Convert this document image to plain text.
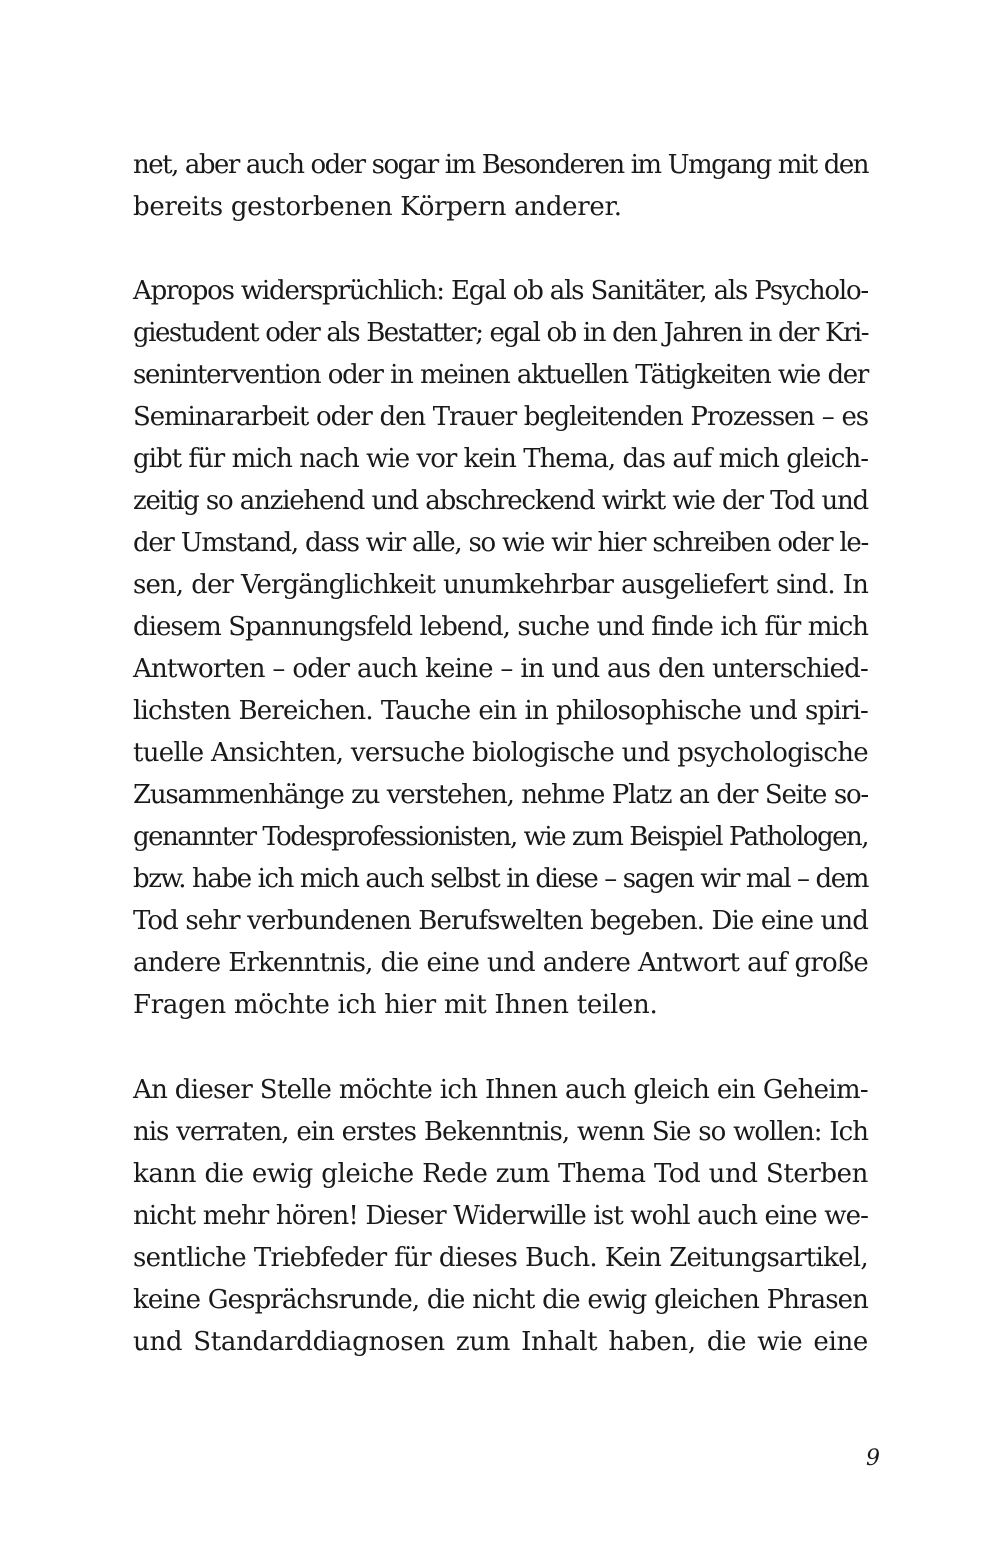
net, aber auch oder sogar im Besonderen im Umgang mit den
bereits gestorbenen Körpern anderer.
Apropos widersprüchlich: Egal ob als Sanitäter, als Psycholo-
giestudent oder als Bestatter; egal ob in den Jahren in der Kri-
senintervention oder in meinen aktuellen Tätigkeiten wie der
Seminararbeit oder den Trauer begleitenden Prozessen – es
gibt für mich nach wie vor kein Thema, das auf mich gleich-
zeitig so anziehend und abschreckend wirkt wie der Tod und
der Umstand, dass wir alle, so wie wir hier schreiben oder le-
sen, der Vergänglichkeit unumkehrbar ausgeliefert sind. In
diesem Spannungsfeld lebend, suche und finde ich für mich
Antworten – oder auch keine – in und aus den unterschied-
lichsten Bereichen. Tauche ein in philosophische und spiri-
tuelle Ansichten, versuche biologische und psychologische
Zusammenhänge zu verstehen, nehme Platz an der Seite so-
genannter Todesprofessionisten, wie zum Beispiel Pathologen,
bzw. habe ich mich auch selbst in diese – sagen wir mal – dem
Tod sehr verbundenen Berufswelten begeben. Die eine und
andere Erkenntnis, die eine und andere Antwort auf große
Fragen möchte ich hier mit Ihnen teilen.
An dieser Stelle möchte ich Ihnen auch gleich ein Geheim-
nis verraten, ein erstes Bekenntnis, wenn Sie so wollen: Ich
kann die ewig gleiche Rede zum Thema Tod und Sterben
nicht mehr hören! Dieser Widerwille ist wohl auch eine we-
sentliche Triebfeder für dieses Buch. Kein Zeitungsartikel,
keine Gesprächsrunde, die nicht die ewig gleichen Phrasen
und Standarddiagnosen zum Inhalt haben, die wie eine
9
